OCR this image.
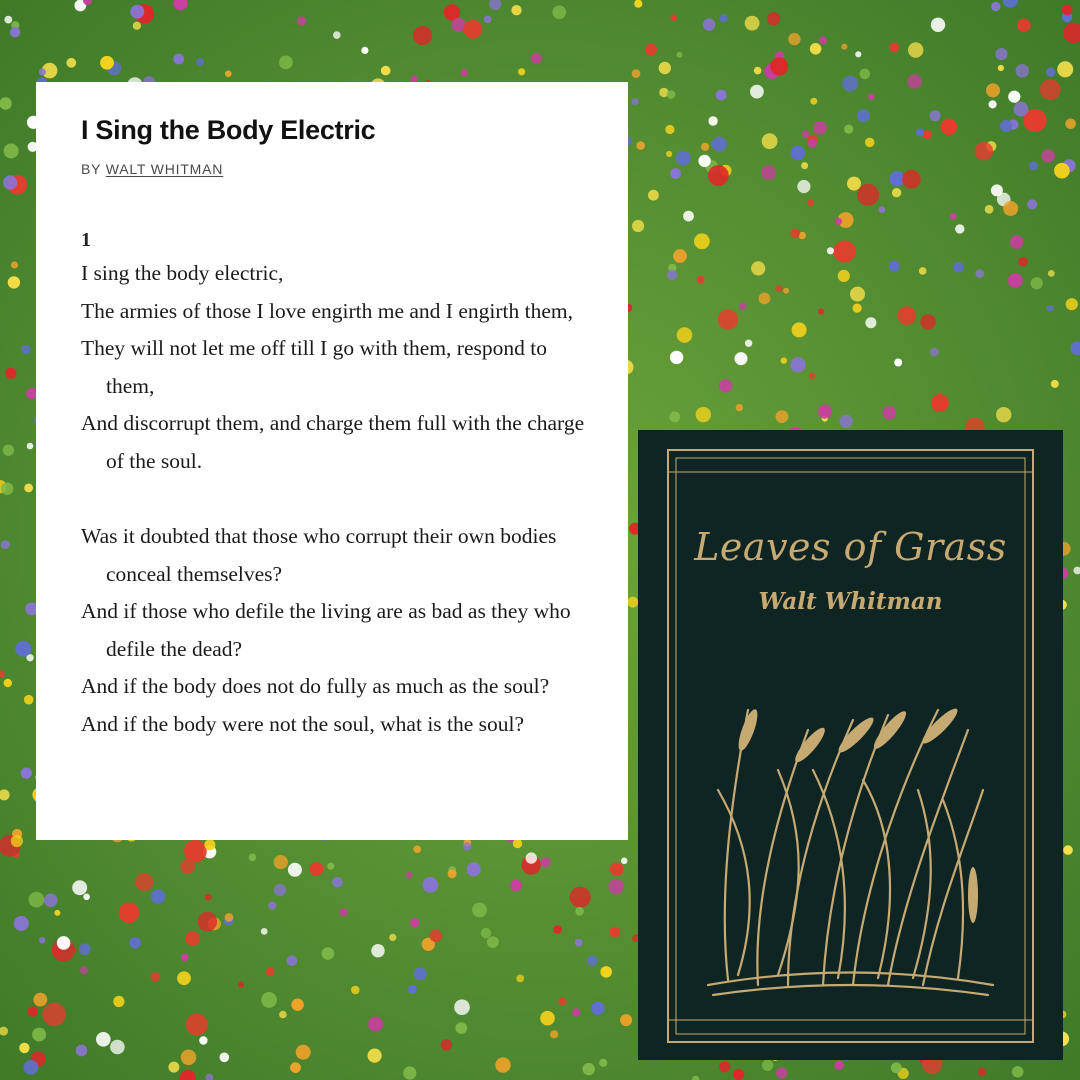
I Sing the Body Electric
BY WALT WHITMAN
1
I sing the body electric,
The armies of those I love engirth me and I engirth them,
They will not let me off till I go with them, respond to them,
And discorrupt them, and charge them full with the charge of the soul.
Was it doubted that those who corrupt their own bodies conceal themselves?
And if those who defile the living are as bad as they who defile the dead?
And if the body does not do fully as much as the soul?
And if the body were not the soul, what is the soul?
Leaves of Grass
Walt Whitman
